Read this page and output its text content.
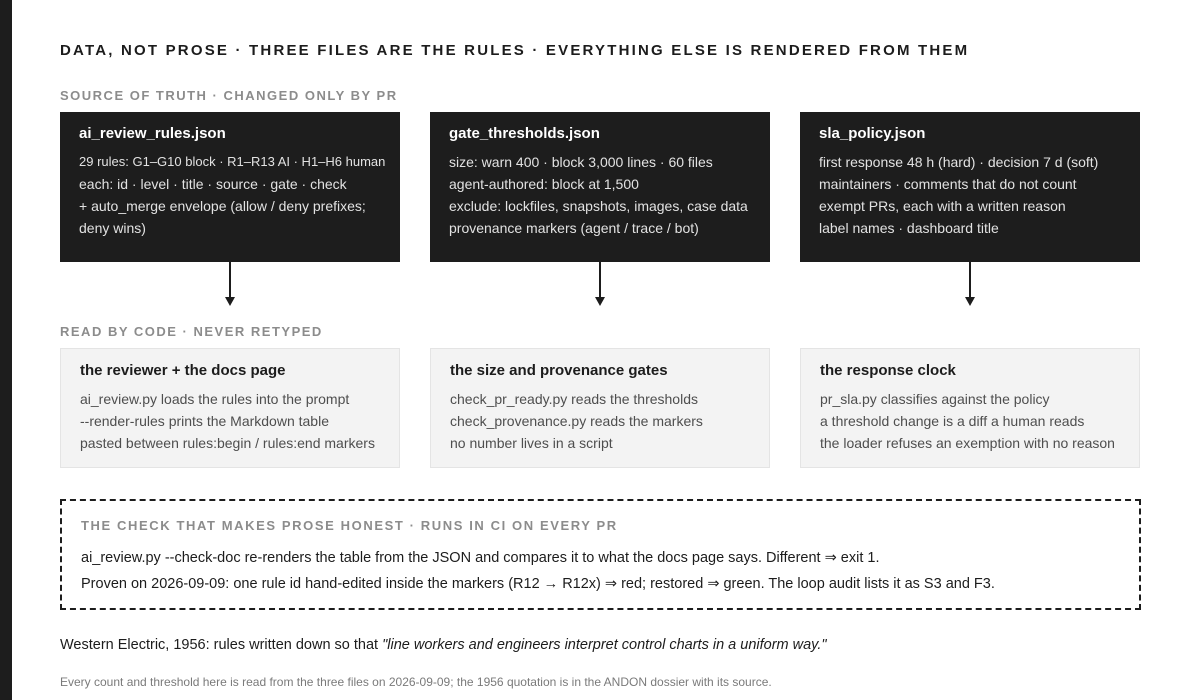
DATA, NOT PROSE · THREE FILES ARE THE RULES · EVERYTHING ELSE IS RENDERED FROM THEM
SOURCE OF TRUTH · CHANGED ONLY BY PR
ai_review_rules.json
29 rules: G1–G10 block · R1–R13 AI · H1–H6 human
each: id · level · title · source · gate · check
+ auto_merge envelope (allow / deny prefixes;
deny wins)
gate_thresholds.json
size: warn 400 · block 3,000 lines · 60 files
agent-authored: block at 1,500
exclude: lockfiles, snapshots, images, case data
provenance markers (agent / trace / bot)
sla_policy.json
first response 48 h (hard) · decision 7 d (soft)
maintainers · comments that do not count
exempt PRs, each with a written reason
label names · dashboard title
READ BY CODE · NEVER RETYPED
the reviewer + the docs page
ai_review.py loads the rules into the prompt
--render-rules prints the Markdown table
pasted between rules:begin / rules:end markers
the size and provenance gates
check_pr_ready.py reads the thresholds
check_provenance.py reads the markers
no number lives in a script
the response clock
pr_sla.py classifies against the policy
a threshold change is a diff a human reads
the loader refuses an exemption with no reason
THE CHECK THAT MAKES PROSE HONEST · RUNS IN CI ON EVERY PR
ai_review.py --check-doc re-renders the table from the JSON and compares it to what the docs page says. Different ⇒ exit 1.
Proven on 2026-09-09: one rule id hand-edited inside the markers (R12 → R12x) ⇒ red; restored ⇒ green. The loop audit lists it as S3 and F3.
Western Electric, 1956: rules written down so that "line workers and engineers interpret control charts in a uniform way."
Every count and threshold here is read from the three files on 2026-09-09; the 1956 quotation is in the ANDON dossier with its source.
